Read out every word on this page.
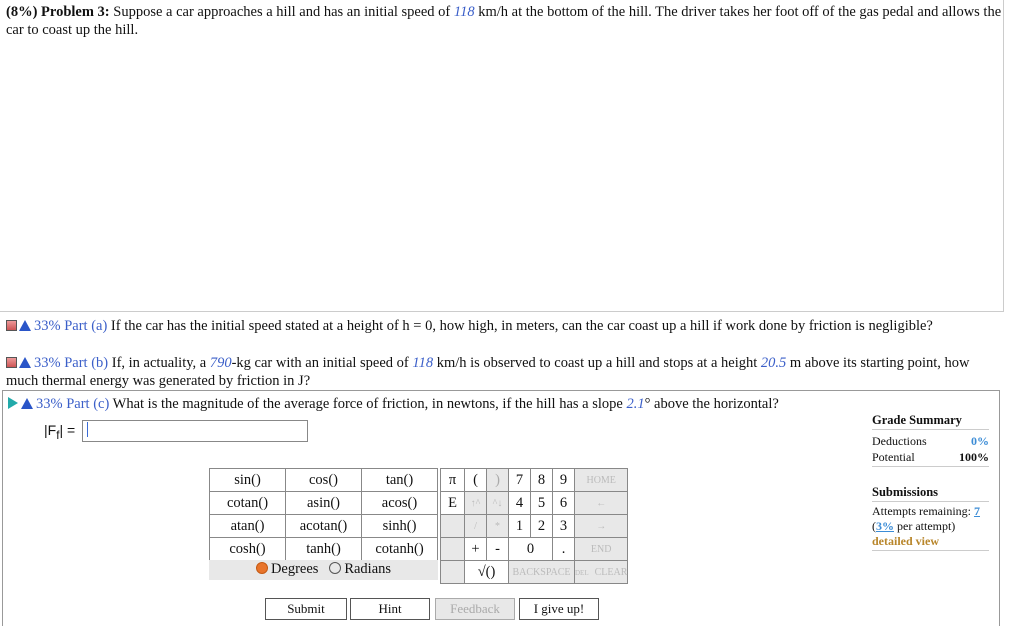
(8%) Problem 3: Suppose a car approaches a hill and has an initial speed of 118 km/h at the bottom of the hill. The driver takes her foot off of the gas pedal and allows the car to coast up the hill.
33% Part (a) If the car has the initial speed stated at a height of h = 0, how high, in meters, can the car coast up a hill if work done by friction is negligible?
33% Part (b) If, in actuality, a 790-kg car with an initial speed of 118 km/h is observed to coast up a hill and stops at a height 20.5 m above its starting point, how much thermal energy was generated by friction in J?
33% Part (c) What is the magnitude of the average force of friction, in newtons, if the hill has a slope 2.1° above the horizontal?
$|F_f|$ =
sin()	cos()	tan()
cotan()	asin()	acos()
atan()	acotan()	sinh()
cosh()	tanh()	cotanh()
Degrees Radians
π	(	)	7	8	9	HOME
E	↑^	^↓	4	5	6	←
	/	*	1	2	3	→
	+	-	0		.	END
	√()		BACKSPACE			DEL CLEAR
Grade Summary
Deductions	0%
Potential	100%
Submissions
Attempts remaining: 7
(3% per attempt)
detailed view
Submit	Hint	Feedback	I give up!
